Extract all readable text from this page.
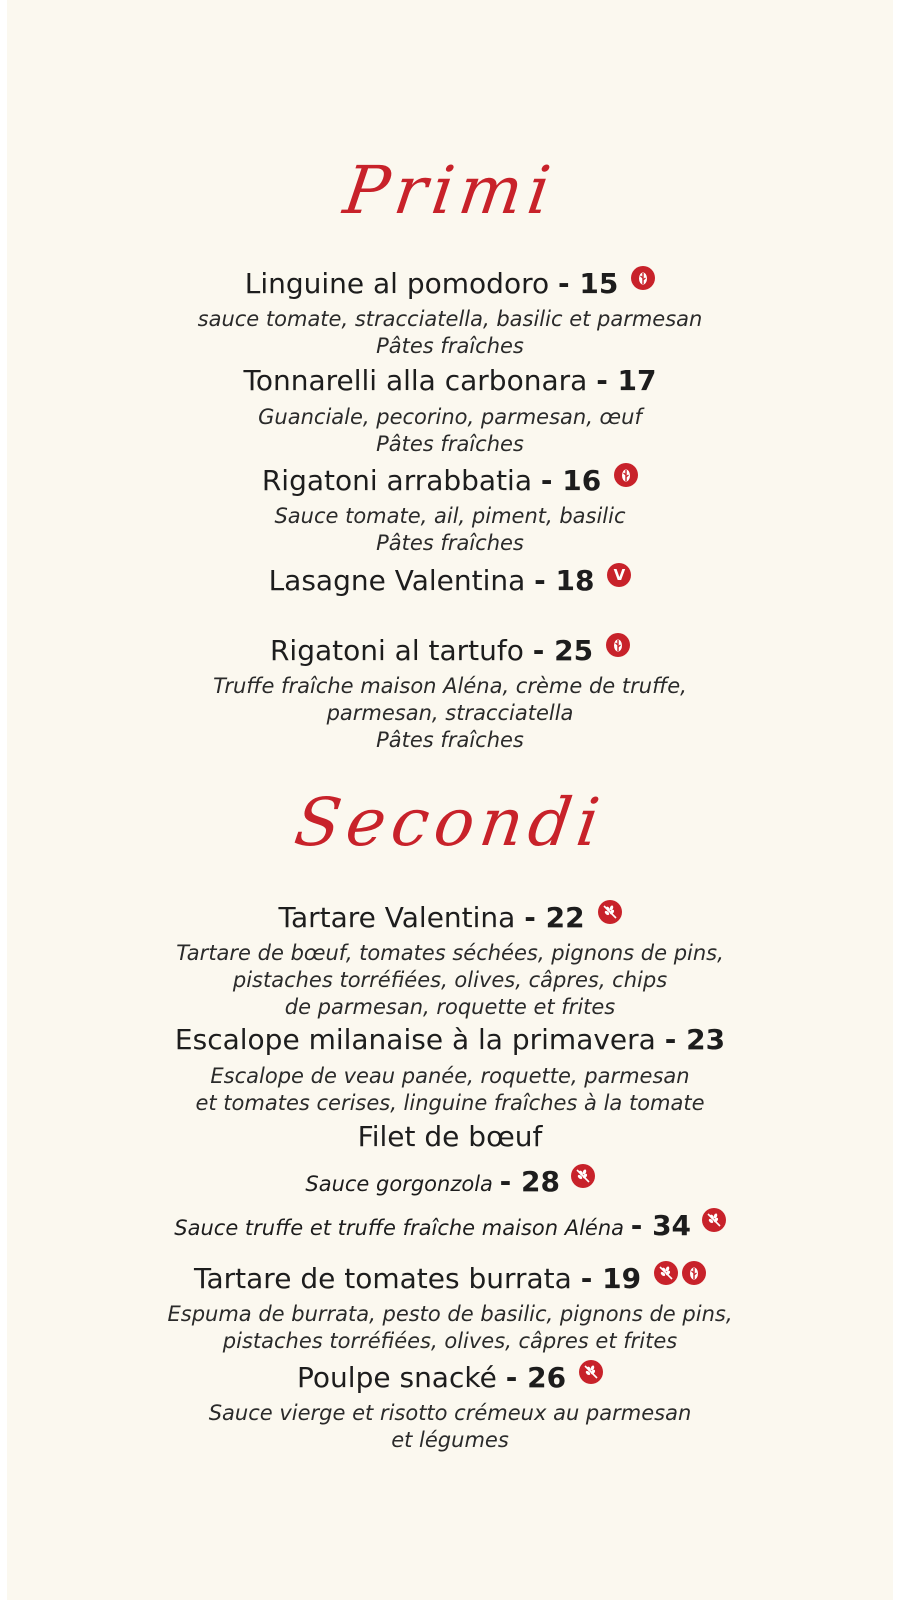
Primi
Linguine al pomodoro - 15
sauce tomate, stracciatella, basilic et parmesan
Pâtes fraîches
Tonnarelli alla carbonara - 17
Guanciale, pecorino, parmesan, œuf
Pâtes fraîches
Rigatoni arrabbatia - 16
Sauce tomate, ail, piment, basilic
Pâtes fraîches
Lasagne Valentina - 18	V
Rigatoni al tartufo - 25
Truffe fraîche maison Aléna, crème de truffe,
parmesan, stracciatella
Pâtes fraîches
Secondi
Tartare Valentina - 22
Tartare de bœuf, tomates séchées, pignons de pins,
pistaches torréfiées, olives, câpres, chips
de parmesan, roquette et frites
Escalope milanaise à la primavera - 23
Escalope de veau panée, roquette, parmesan
et tomates cerises, linguine fraîches à la tomate
Filet de bœuf
Sauce gorgonzola - 28
Sauce truffe et truffe fraîche maison Aléna - 34
Tartare de tomates burrata - 19
Espuma de burrata, pesto de basilic, pignons de pins,
pistaches torréfiées, olives, câpres et frites
Poulpe snacké - 26
Sauce vierge et risotto crémeux au parmesan
et légumes
